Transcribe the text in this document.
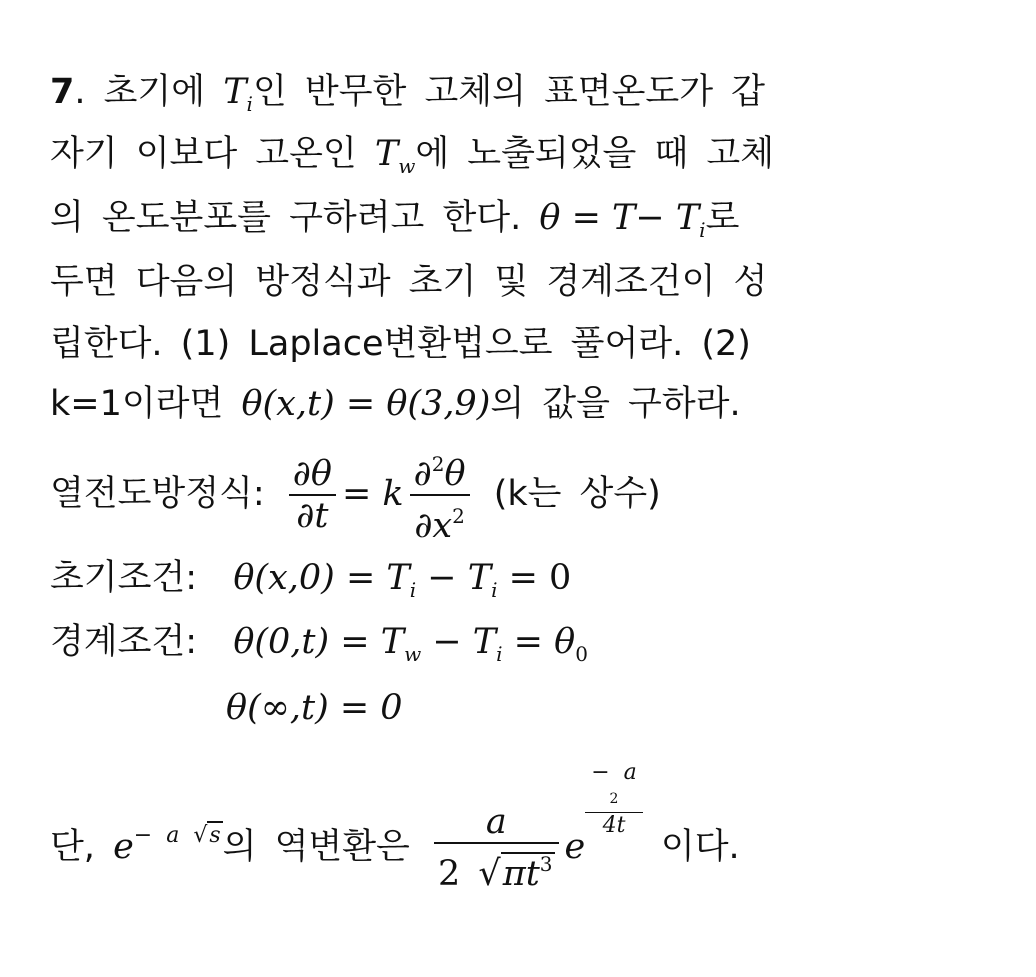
7. 초기에 $T_i$인 반무한 고체의 표면온도가 갑
자기 이보다 고온인 $T_w$에 노출되었을 때 고체
의 온도분포를 구하려고 한다. $\theta = T- T_i$로
두면 다음의 방정식과 초기 및 경계조건이 성
립한다. (1) Laplace변환법으로 풀어라. (2)
k=1이라면 θ(x,t) = θ(3,9)의 값을 구하라.
열전도방정식: $\frac{\partial\theta}{\partial t} = k \frac{\partial^2\theta}{\partial x^2} (k$는 상수)
초기조건: $\theta(x,0) = T_i - T_i = 0$
경계조건: $\theta(0,t) = T_w - T_i = \theta_0$
θ(∞,t) = 0
단, $e^{- a √s}$의 역변환은 $\frac{a}{2 √\pi t^3}$ e
− a
2
4t
이다.
